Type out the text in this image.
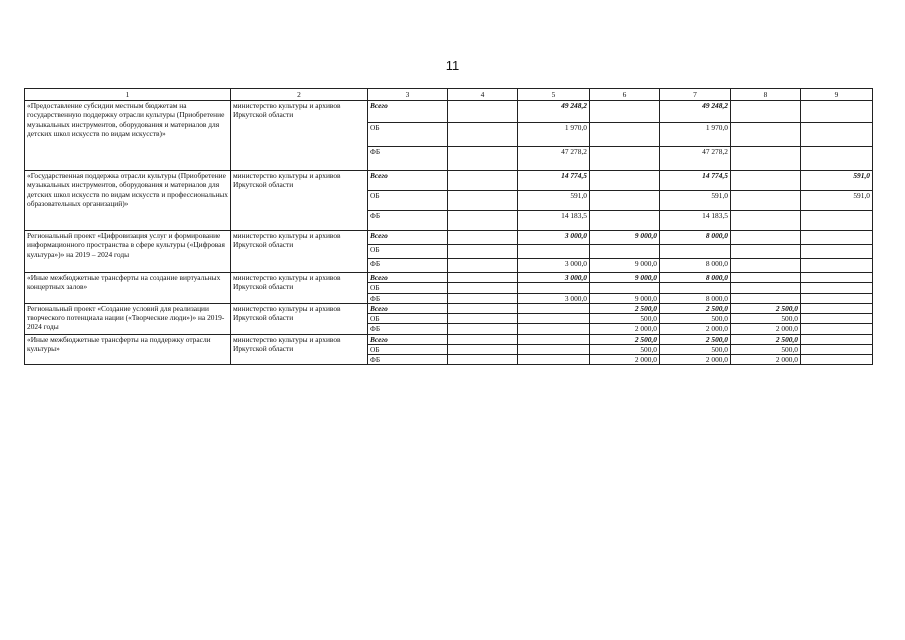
11
1	2	3	4	5	6	7	8	9
«Предоставление субсидии местным бюджетам на государственную поддержку отрасли культуры (Приобретение музыкальных инструментов, оборудования и материалов для детских школ искусств по видам искусств)»	министерство культуры и архивов Иркутской области	Всего		49 248,2		49 248,2		
		ОБ		1 970,0		1 970,0		
		ФБ		47 278,2		47 278,2		
«Государственная поддержка отрасли культуры (Приобретение музыкальных инструментов, оборудования и материалов для детских школ искусств по видам искусств и профессиональных образовательных организаций)»	министерство культуры и архивов Иркутской области	Всего		14 774,5		14 774,5		591,0
		ОБ		591,0		591,0		591,0
		ФБ		14 183,5		14 183,5		
Региональный проект «Цифровизация услуг и формирование информационного пространства в сфере культуры («Цифровая культура»)» на 2019 – 2024 годы	министерство культуры и архивов Иркутской области	Всего		3 000,0	9 000,0	8 000,0		
		ОБ						
		ФБ		3 000,0	9 000,0	8 000,0		
«Иные межбюджетные трансферты на создание виртуальных концертных залов»	министерство культуры и архивов Иркутской области	Всего		3 000,0	9 000,0	8 000,0		
		ОБ						
		ФБ		3 000,0	9 000,0	8 000,0		
Региональный проект «Создание условий для реализации творческого потенциала нации («Творческие люди»)» на 2019-2024 годы	министерство культуры и архивов Иркутской области	Всего			2 500,0	2 500,0	2 500,0	
		ОБ			500,0	500,0	500,0	
		ФБ			2 000,0	2 000,0	2 000,0	
«Иные межбюджетные трансферты на поддержку отрасли культуры»	министерство культуры и архивов Иркутской области	Всего			2 500,0	2 500,0	2 500,0	
		ОБ			500,0	500,0	500,0	
		ФБ			2 000,0	2 000,0	2 000,0	
